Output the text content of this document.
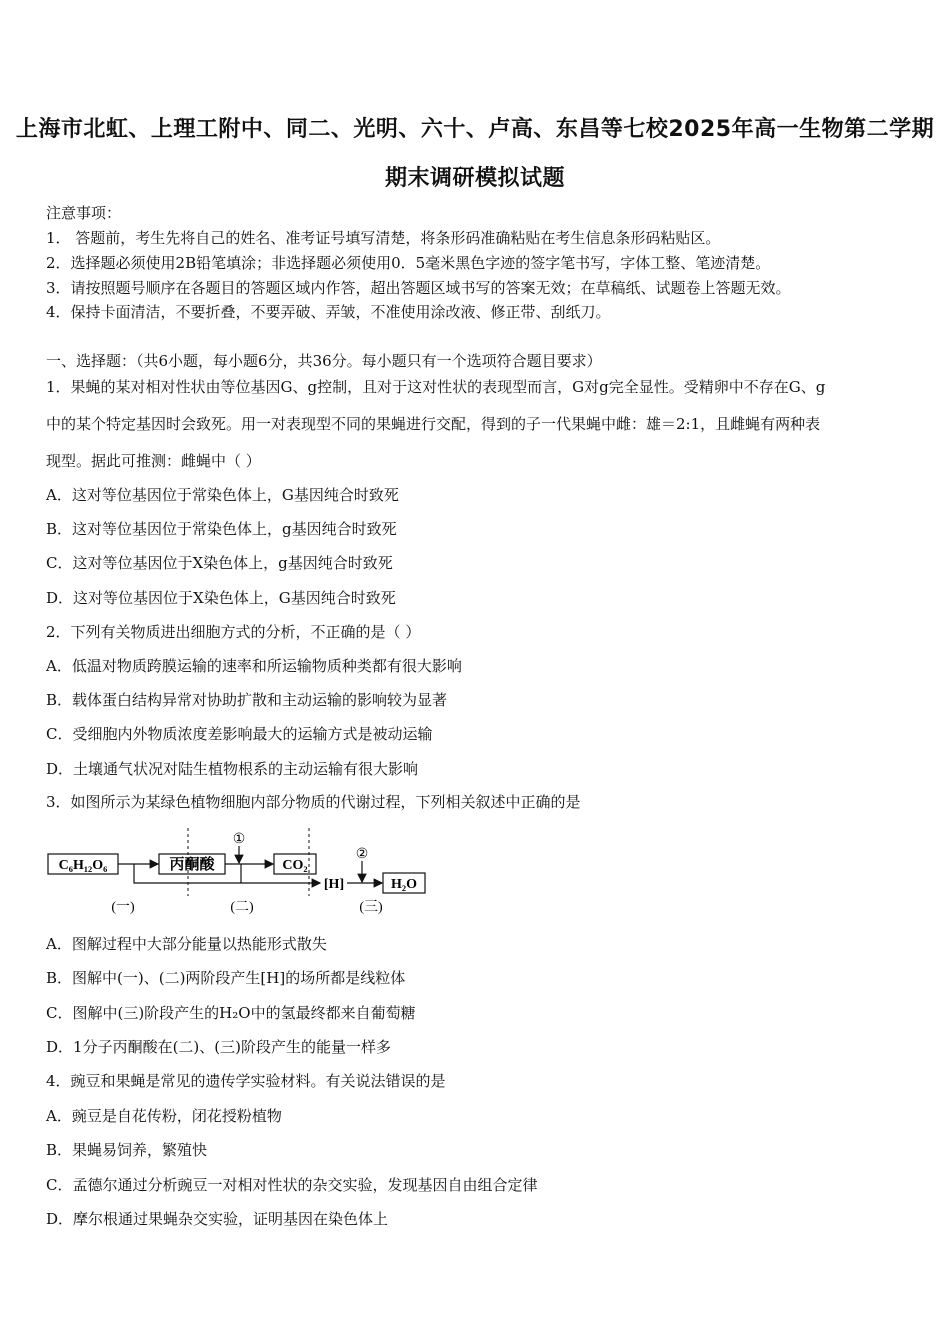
上海市北虹、上理工附中、同二、光明、六十、卢高、东昌等七校2025年高一生物第二学期
期末调研模拟试题
注意事项：
1． 答题前，考生先将自己的姓名、准考证号填写清楚，将条形码准确粘贴在考生信息条形码粘贴区。
2．选择题必须使用2B铅笔填涂；非选择题必须使用0．5毫米黑色字迹的签字笔书写，字体工整、笔迹清楚。
3．请按照题号顺序在各题目的答题区域内作答，超出答题区域书写的答案无效；在草稿纸、试题卷上答题无效。
4．保持卡面清洁，不要折叠，不要弄破、弄皱，不准使用涂改液、修正带、刮纸刀。
一、选择题：（共6小题，每小题6分，共36分。每小题只有一个选项符合题目要求）
1．果蝇的某对相对性状由等位基因G、g控制，且对于这对性状的表现型而言，G对g完全显性。受精卵中不存在G、g
中的某个特定基因时会致死。用一对表现型不同的果蝇进行交配，得到的子一代果蝇中雌：雄＝2:1，且雌蝇有两种表
现型。据此可推测：雌蝇中（ ）
A．这对等位基因位于常染色体上，G基因纯合时致死
B．这对等位基因位于常染色体上，g基因纯合时致死
C．这对等位基因位于X染色体上，g基因纯合时致死
D．这对等位基因位于X染色体上，G基因纯合时致死
2．下列有关物质进出细胞方式的分析，不正确的是（ ）
A．低温对物质跨膜运输的速率和所运输物质种类都有很大影响
B．载体蛋白结构异常对协助扩散和主动运输的影响较为显著
C．受细胞内外物质浓度差影响最大的运输方式是被动运输
D．土壤通气状况对陆生植物根系的主动运输有很大影响
3．如图所示为某绿色植物细胞内部分物质的代谢过程，下列相关叙述中正确的是
C₆H₁₂O₆	丙酮酸	CO₂
H₂O
①
[H]
②
(一)	(二)	(三)
A．图解过程中大部分能量以热能形式散失
B．图解中(一)、(二)两阶段产生[H]的场所都是线粒体
C．图解中(三)阶段产生的H₂O中的氢最终都来自葡萄糖
D．1分子丙酮酸在(二)、(三)阶段产生的能量一样多
4．豌豆和果蝇是常见的遗传学实验材料。有关说法错误的是
A．豌豆是自花传粉，闭花授粉植物
B．果蝇易饲养，繁殖快
C．孟德尔通过分析豌豆一对相对性状的杂交实验，发现基因自由组合定律
D．摩尔根通过果蝇杂交实验，证明基因在染色体上
